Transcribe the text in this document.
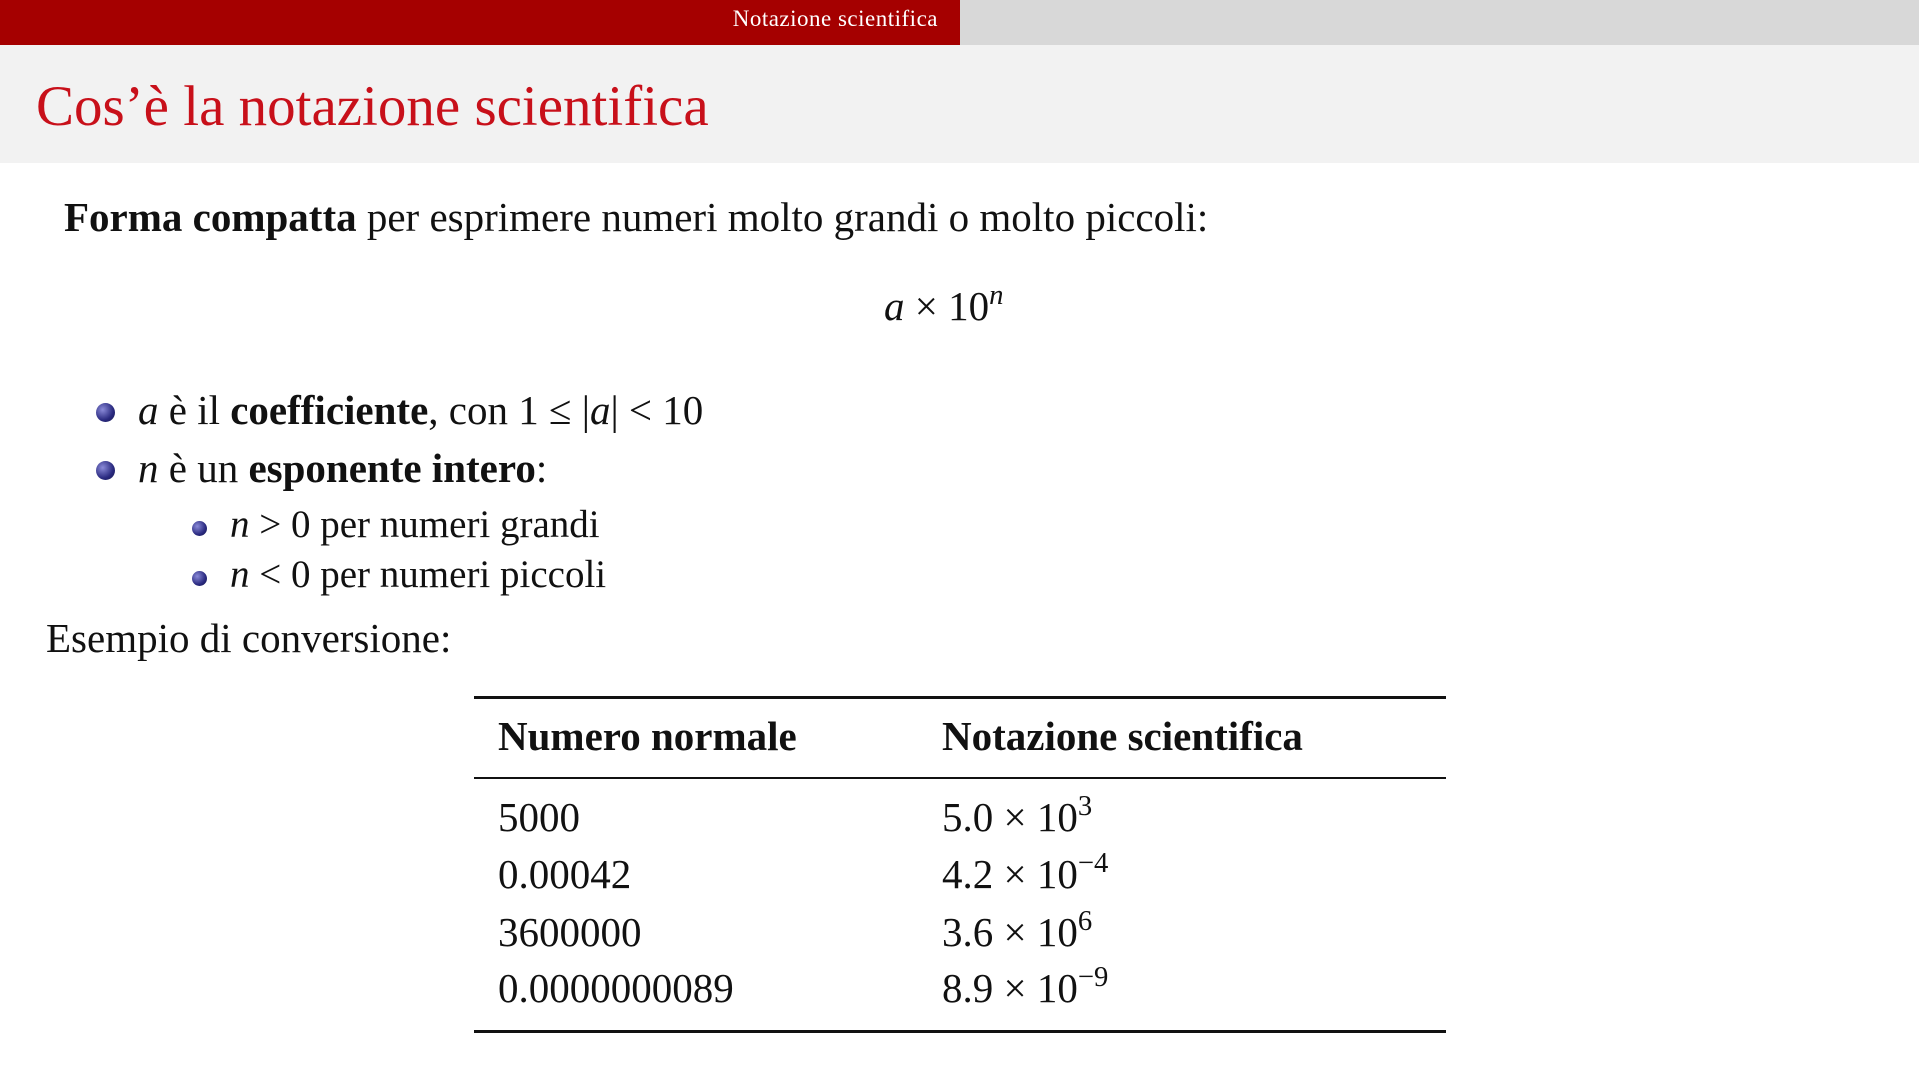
Notazione scientifica
Cos’è la notazione scientifica
Forma compatta per esprimere numeri molto grandi o molto piccoli:
$a \times 10^n$
a è il coefficiente, con 1 ≤ |a| < 10
n è un esponente intero:
n > 0 per numeri grandi
n < 0 per numeri piccoli
Esempio di conversione:
Numero normale	Notazione scientifica
5000	$5.0 \times 10^3$
0.00042	$4.2 \times 10^{-4}$
3600000	$3.6 \times 10^6$
0.0000000089	$8.9 \times 10^{-9}$
